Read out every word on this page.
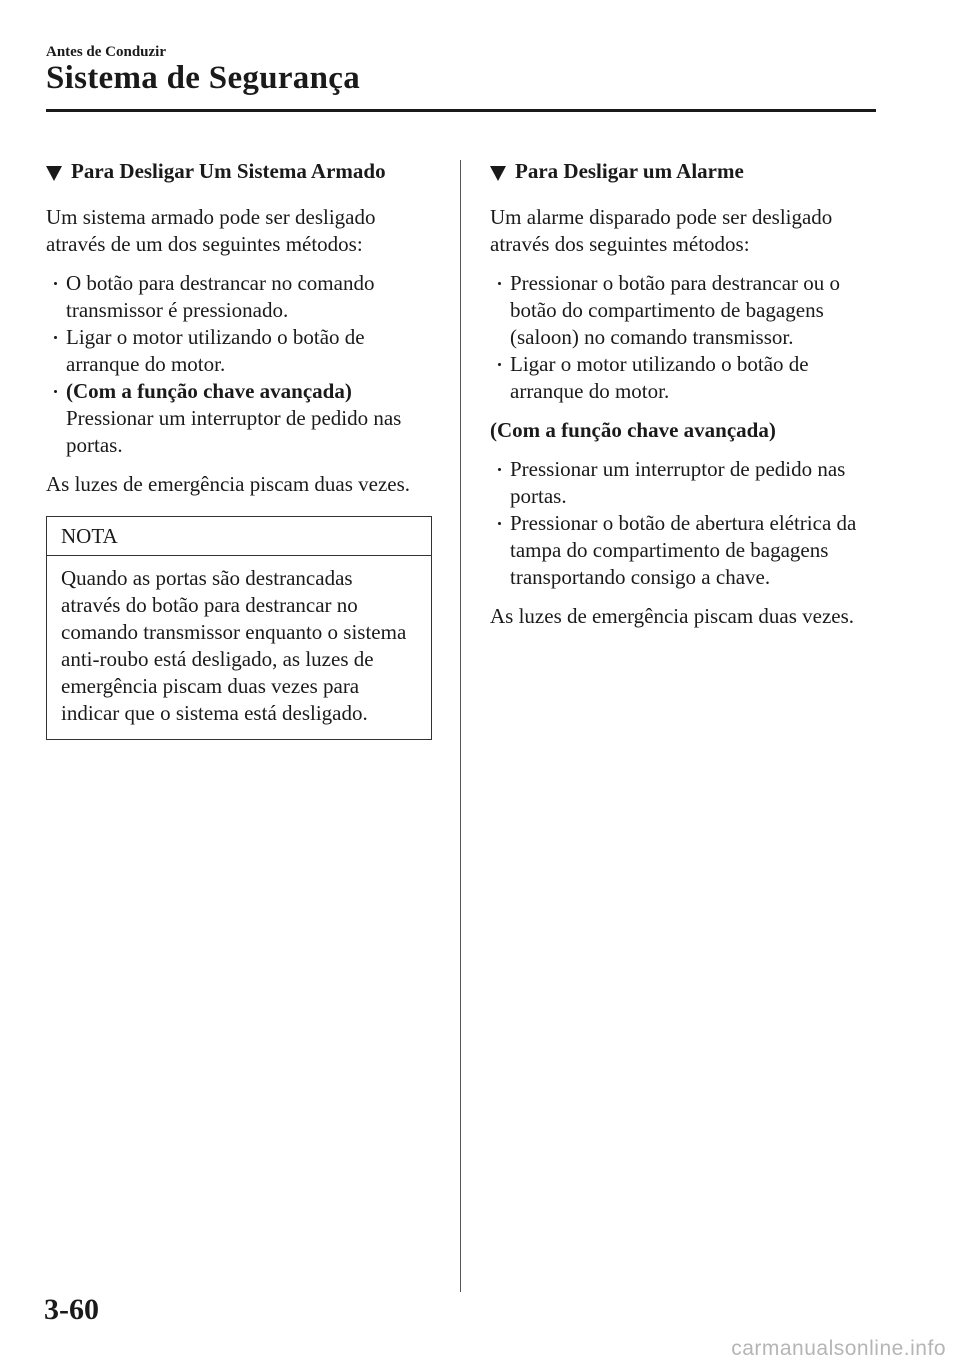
Antes de Conduzir
Sistema de Segurança
Para Desligar Um Sistema Armado

Um sistema armado pode ser desligado através de um dos seguintes métodos:

O botão para destrancar no comando transmissor é pressionado.
Ligar o motor utilizando o botão de arranque do motor.
(Com a função chave avançada)
Pressionar um interruptor de pedido nas portas.

As luzes de emergência piscam duas vezes.

NOTA
Quando as portas são destrancadas através do botão para destrancar no comando transmissor enquanto o sistema anti-roubo está desligado, as luzes de emergência piscam duas vezes para indicar que o sistema está desligado.
Para Desligar um Alarme

Um alarme disparado pode ser desligado através dos seguintes métodos:

Pressionar o botão para destrancar ou o botão do compartimento de bagagens (saloon) no comando transmissor.
Ligar o motor utilizando o botão de arranque do motor.

(Com a função chave avançada)

Pressionar um interruptor de pedido nas portas.
Pressionar o botão de abertura elétrica da tampa do compartimento de bagagens transportando consigo a chave.

As luzes de emergência piscam duas vezes.

3-60
carmanualsonline.info
